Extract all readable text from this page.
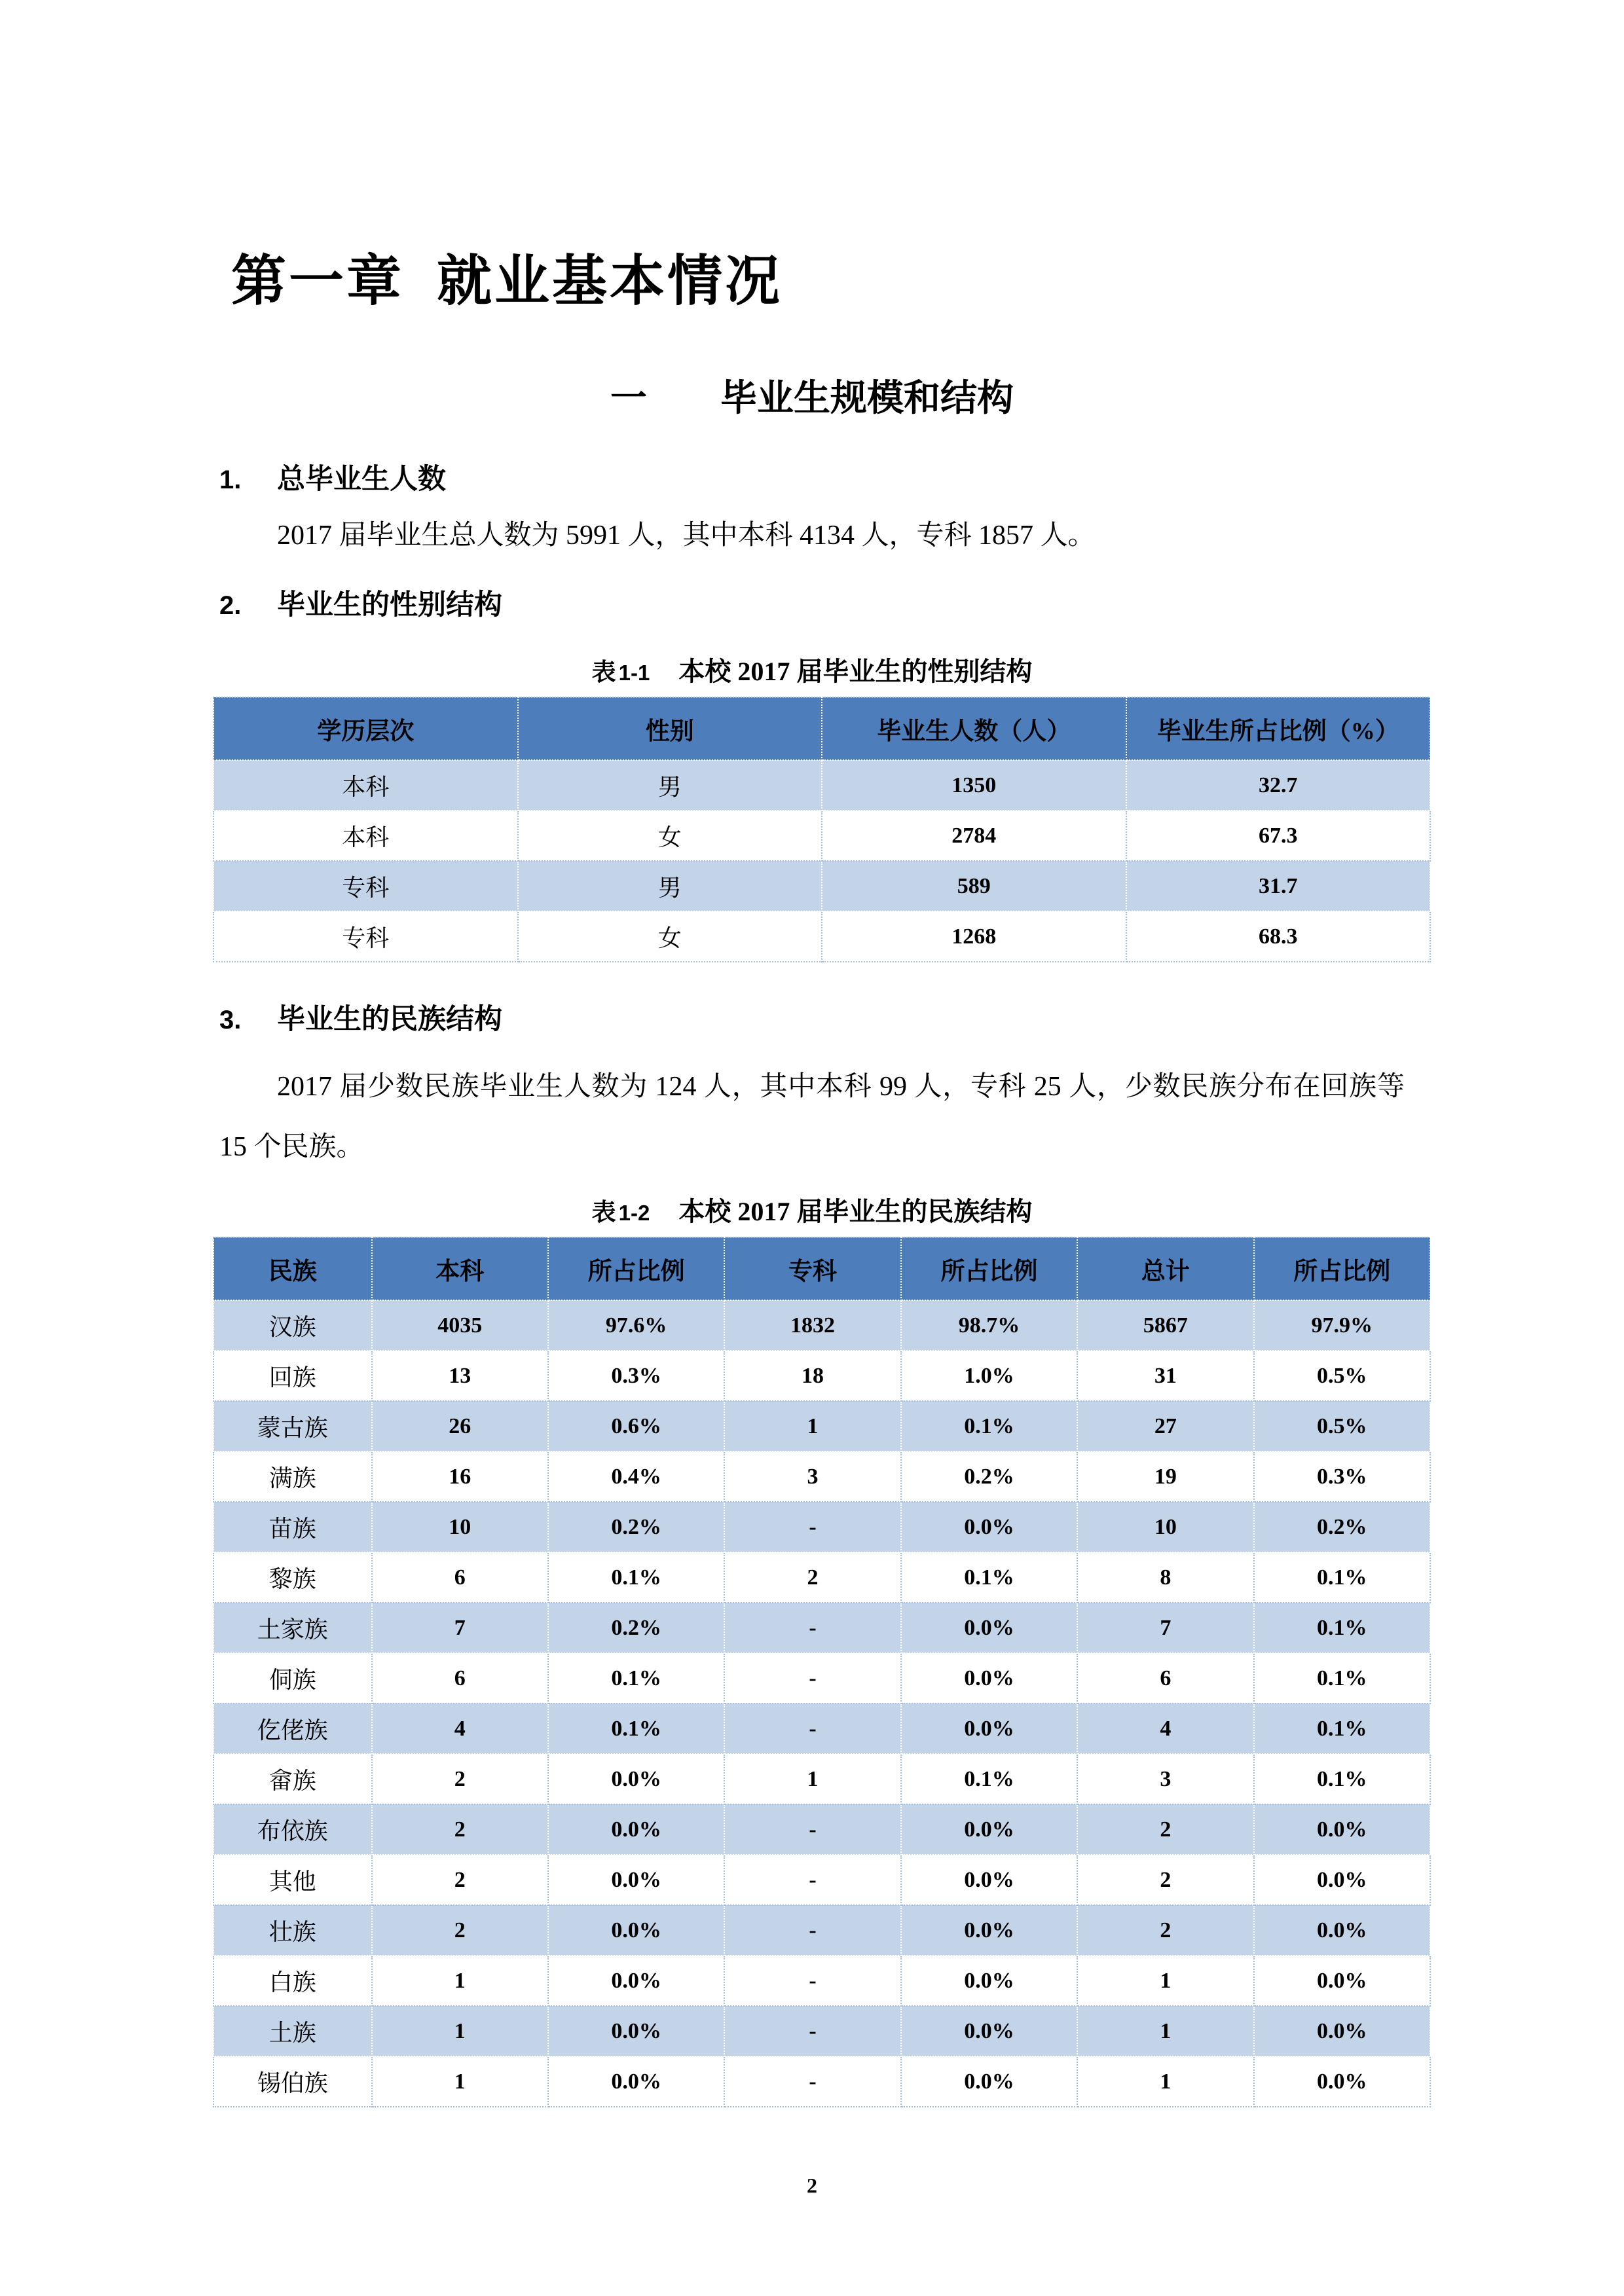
第一章  就业基本情况
一　　毕业生规模和结构
1. 总毕业生人数

2017 届毕业生总人数为 5991 人，其中本科 4134 人，专科 1857 人。

2. 毕业生的性别结构
表 1-1 本校 2017 届毕业生的性别结构
学历层次	性别	毕业生人数（人）	毕业生所占比例（%）
本科	男	1350	32.7
本科	女	2784	67.3
专科	男	589	31.7
专科	女	1268	68.3
3. 毕业生的民族结构

2017 届少数民族毕业生人数为 124 人，其中本科 99 人，专科 25 人，少数民族分布在回族等 15 个民族。

表 1-2 本校 2017 届毕业生的民族结构
民族	本科	所占比例	专科	所占比例	总计	所占比例
汉族	4035	97.6%	1832	98.7%	5867	97.9%
回族	13	0.3%	18	1.0%	31	0.5%
蒙古族	26	0.6%	1	0.1%	27	0.5%
满族	16	0.4%	3	0.2%	19	0.3%
苗族	10	0.2%	-	0.0%	10	0.2%
黎族	6	0.1%	2	0.1%	8	0.1%
土家族	7	0.2%	-	0.0%	7	0.1%
侗族	6	0.1%	-	0.0%	6	0.1%
仡佬族	4	0.1%	-	0.0%	4	0.1%
畲族	2	0.0%	1	0.1%	3	0.1%
布依族	2	0.0%	-	0.0%	2	0.0%
其他	2	0.0%	-	0.0%	2	0.0%
壮族	2	0.0%	-	0.0%	2	0.0%
白族	1	0.0%	-	0.0%	1	0.0%
土族	1	0.0%	-	0.0%	1	0.0%
锡伯族	1	0.0%	-	0.0%	1	0.0%
2
